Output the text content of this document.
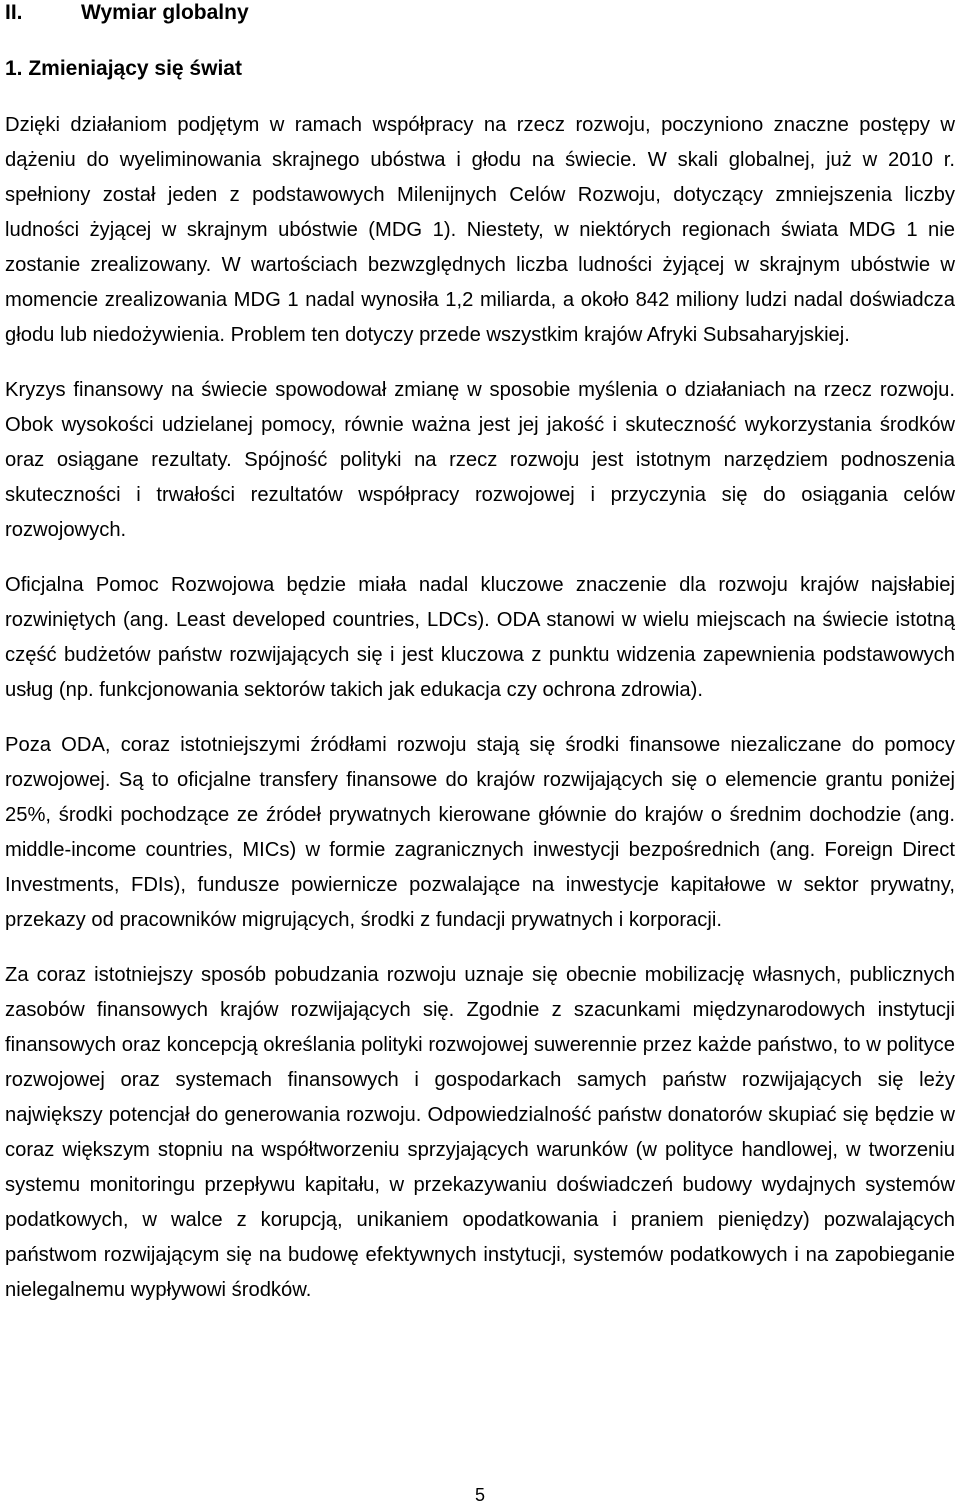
II.	Wymiar globalny
1. Zmieniający się świat

Dzięki działaniom podjętym w ramach współpracy na rzecz rozwoju, poczyniono znaczne postępy w dążeniu do wyeliminowania skrajnego ubóstwa i głodu na świecie. W skali globalnej, już w 2010 r. spełniony został jeden z podstawowych Milenijnych Celów Rozwoju, dotyczący zmniejszenia liczby ludności żyjącej w skrajnym ubóstwie (MDG 1). Niestety, w niektórych regionach świata MDG 1 nie zostanie zrealizowany. W wartościach bezwzględnych liczba ludności żyjącej w skrajnym ubóstwie w momencie zrealizowania MDG 1 nadal wynosiła 1,2 miliarda, a około 842 miliony ludzi nadal doświadcza głodu lub niedożywienia. Problem ten dotyczy przede wszystkim krajów Afryki Subsaharyjskiej.

Kryzys finansowy na świecie spowodował zmianę w sposobie myślenia o działaniach na rzecz rozwoju. Obok wysokości udzielanej pomocy, równie ważna jest jej jakość i skuteczność wykorzystania środków oraz osiągane rezultaty. Spójność polityki na rzecz rozwoju jest istotnym narzędziem podnoszenia skuteczności i trwałości rezultatów współpracy rozwojowej i przyczynia się do osiągania celów rozwojowych.

Oficjalna Pomoc Rozwojowa będzie miała nadal kluczowe znaczenie dla rozwoju krajów najsłabiej rozwiniętych (ang. Least developed countries, LDCs). ODA stanowi w wielu miejscach na świecie istotną część budżetów państw rozwijających się i jest kluczowa z punktu widzenia zapewnienia podstawowych usług (np. funkcjonowania sektorów takich jak edukacja czy ochrona zdrowia).

Poza ODA, coraz istotniejszymi źródłami rozwoju stają się środki finansowe niezaliczane do pomocy rozwojowej. Są to oficjalne transfery finansowe do krajów rozwijających się o elemencie grantu poniżej 25%, środki pochodzące ze źródeł prywatnych kierowane głównie do krajów o średnim dochodzie (ang. middle-income countries, MICs) w formie zagranicznych inwestycji bezpośrednich (ang. Foreign Direct Investments, FDIs), fundusze powiernicze pozwalające na inwestycje kapitałowe w sektor prywatny, przekazy od pracowników migrujących, środki z fundacji prywatnych i korporacji.

Za coraz istotniejszy sposób pobudzania rozwoju uznaje się obecnie mobilizację własnych, publicznych zasobów finansowych krajów rozwijających się. Zgodnie z szacunkami międzynarodowych instytucji finansowych oraz koncepcją określania polityki rozwojowej suwerennie przez każde państwo, to w polityce rozwojowej oraz systemach finansowych i gospodarkach samych państw rozwijających się leży największy potencjał do generowania rozwoju. Odpowiedzialność państw donatorów skupiać się będzie w coraz większym stopniu na współtworzeniu sprzyjających warunków (w polityce handlowej, w tworzeniu systemu monitoringu przepływu kapitału, w przekazywaniu doświadczeń budowy wydajnych systemów podatkowych, w walce z korupcją, unikaniem opodatkowania i praniem pieniędzy) pozwalających państwom rozwijającym się na budowę efektywnych instytucji, systemów podatkowych i na zapobieganie nielegalnemu wypływowi środków.

5
